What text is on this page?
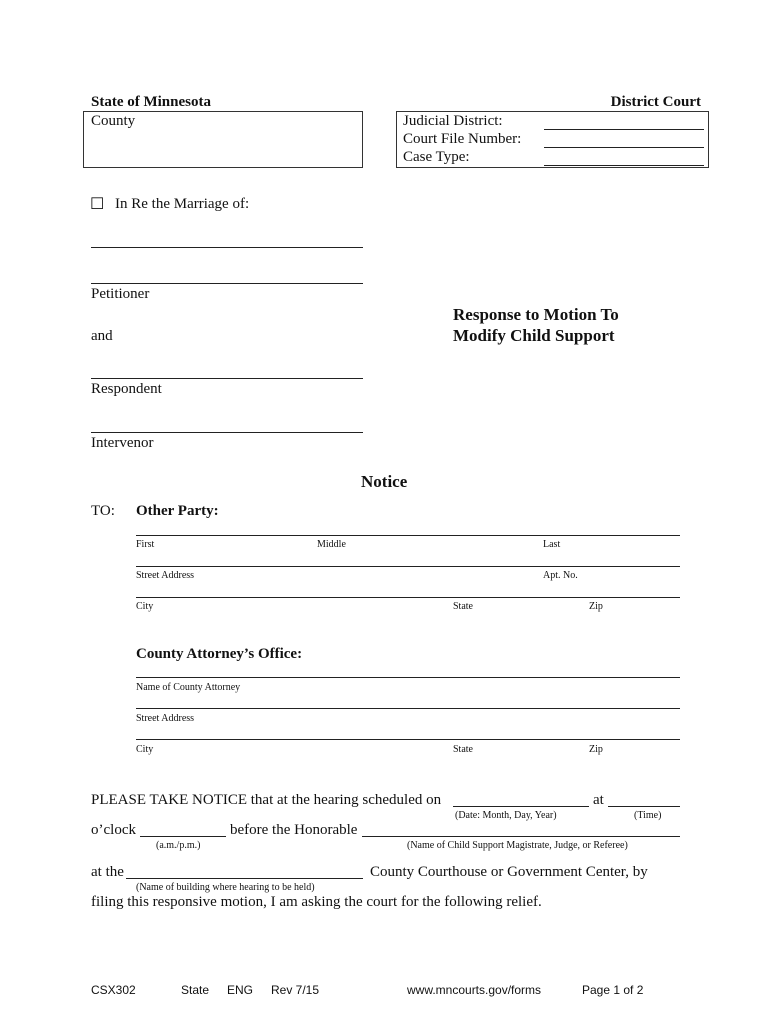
State of Minnesota	District Court
County	Judicial District:
Court File Number:
Case Type:
☐ In Re the Marriage of:
Petitioner
and
Response to Motion To
Modify Child Support
Respondent
Intervenor
Notice
TO: Other Party:
First	Middle	Last
Street Address	Apt. No.
City	State	Zip
County Attorney’s Office:
Name of County Attorney
Street Address
City	State	Zip
PLEASE TAKE NOTICE that at the hearing scheduled on	at
(Date: Month, Day, Year)	(Time)
o’clock	before the Honorable
(a.m./p.m.)	(Name of Child Support Magistrate, Judge, or Referee)
at the	County Courthouse or Government Center, by
(Name of building where hearing to be held)
filing this responsive motion, I am asking the court for the following relief.
CSX302	State ENG Rev 7/15	www.mncourts.gov/forms	Page 1 of 2
